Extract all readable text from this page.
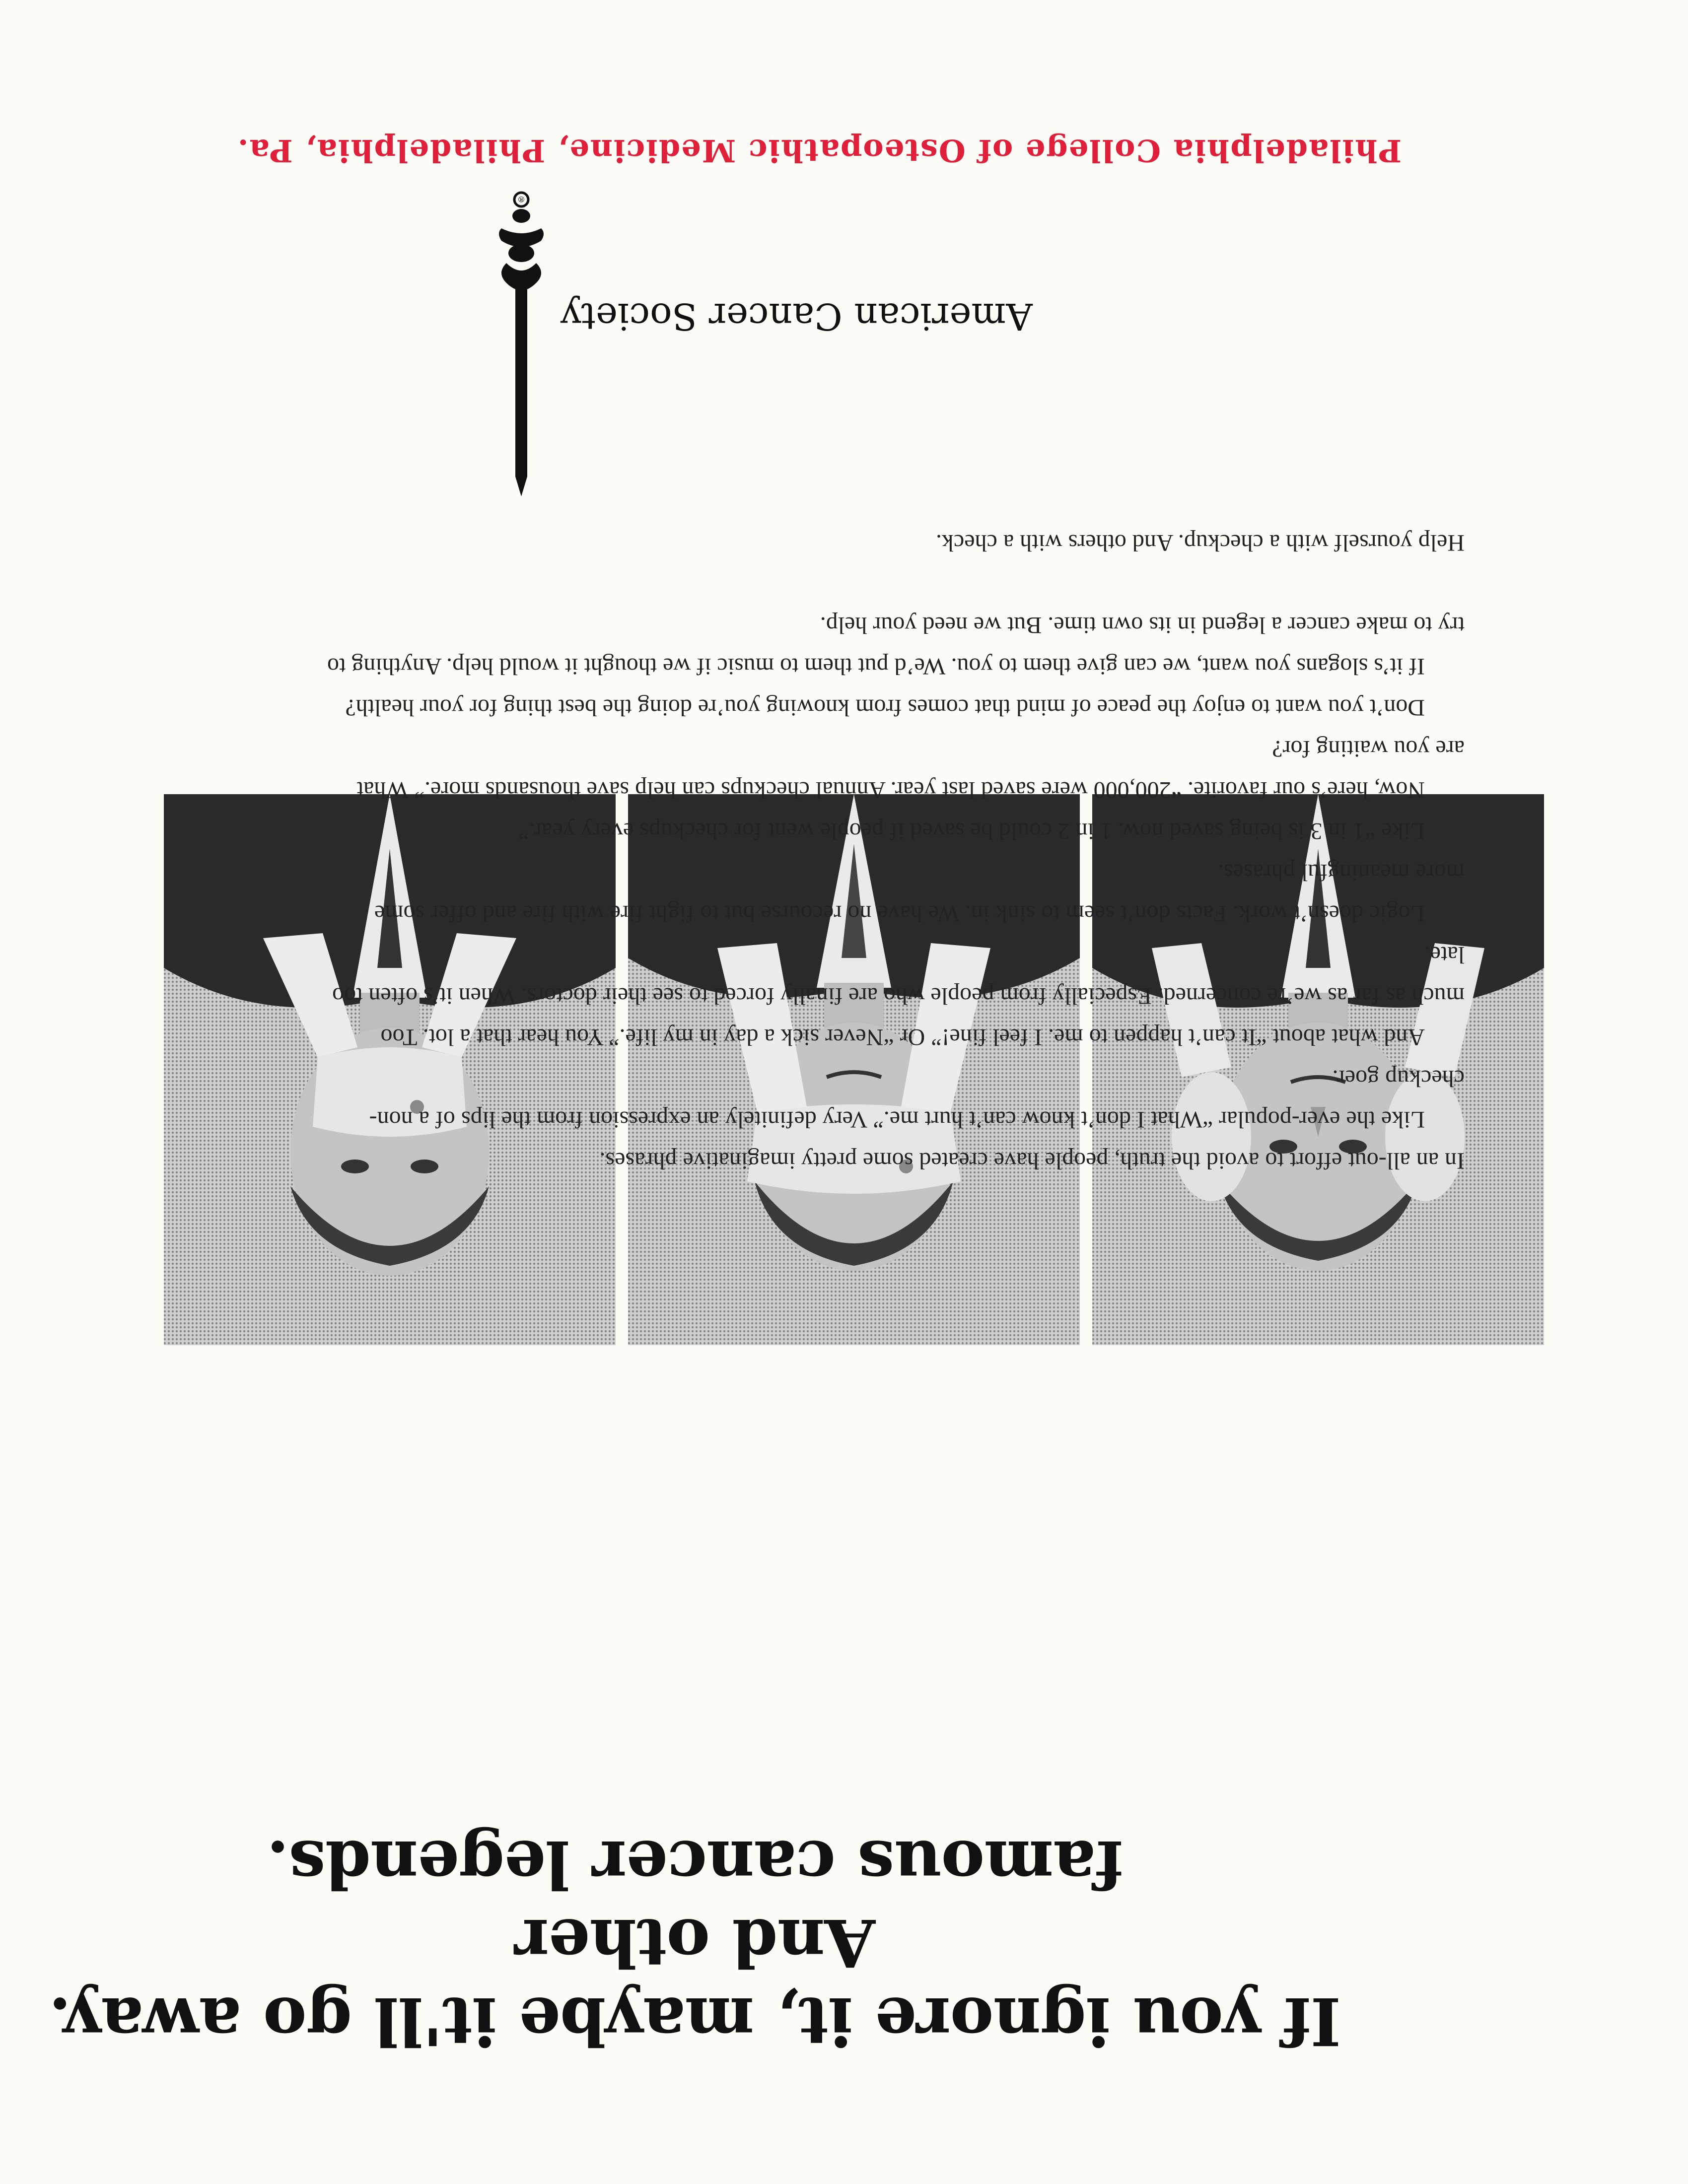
If you ignore it, maybe it'll go away.
And other
famous cancer legends.

In an all-out effort to avoid the truth, people have created some pretty imaginative phrases.

Like the ever-popular “What I don’t know can’t hurt me.” Very definitely an expression from the lips of a non-checkup goer.

And what about “It can’t happen to me. I feel fine!” Or “Never sick a day in my life.” You hear that a lot. Too much as far as we’re concerned. Especially from people who are finally forced to see their doctors. When it’s often too late.

Logic doesn’t work. Facts don’t seem to sink in. We have no recourse but to fight fire with fire and offer some more meaningful phrases.

Like “1 in 3 is being saved now. 1 in 2 could be saved if people went for checkups every year.”

Now, here’s our favorite. “200,000 were saved last year. Annual checkups can help save thousands more.” What are you waiting for?

Don’t you want to enjoy the peace of mind that comes from knowing you’re doing the best thing for your health?

If it’s slogans you want, we can give them to you. We’d put them to music if we thought it would help. Anything to try to make cancer a legend in its own time. But we need your help.

Help yourself with a checkup. And others with a check.
American Cancer Society
®
Philadelphia College of Osteopathic Medicine, Philadelphia, Pa.
